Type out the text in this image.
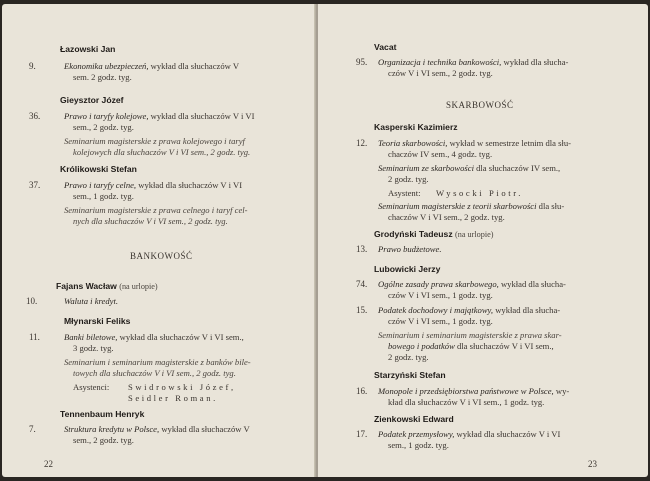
Łazowski Jan
9.	Ekonomika ubezpieczeń, wykład dla słuchaczów V
sem. 2 godz. tyg.
Gieysztor Józef
36.	Prawo i taryfy kolejowe, wykład dla słuchaczów V i VI
sem., 2 godz. tyg.
Seminarium magisterskie z prawa kolejowego i taryf
kolejowych dla słuchaczów V i VI sem., 2 godz. tyg.
Królikowski Stefan
37.	Prawo i taryfy celne, wykład dla słuchaczów V i VI
sem., 1 godz. tyg.
Seminarium magisterskie z prawa celnego i taryf cel-
nych dla słuchaczów V i VI sem., 2 godz. tyg.
BANKOWOŚĆ
Fajans Wacław (na urlopie)
10.	Waluta i kredyt.
Młynarski Feliks
11.	Banki biletowe, wykład dla słuchaczów V i VI sem.,
3 godz. tyg.
Seminarium i seminarium magisterskie z banków bile-
towych dla słuchaczów V i VI sem., 2 godz. tyg.
Asystenci: Swidrowski Józef,
Seidler Roman.
Tennenbaum Henryk
7.	Struktura kredytu w Polsce, wykład dla słuchaczów V
sem., 2 godz. tyg.
22
Vacat
95. Organizacja i technika bankowości, wykład dla słucha-
czów V i VI sem., 2 godz. tyg.
SKARBOWOŚĆ
Kasperski Kazimierz
12. Teoria skarbowości, wykład w semestrze letnim dla słu-
chaczów IV sem., 4 godz. tyg.
Seminarium ze skarbowości dla słuchaczów IV sem.,
2 godz. tyg.
Asystent: Wysocki Piotr.
Seminarium magisterskie z teorii skarbowości dla słu-
chaczów V i VI sem., 2 godz. tyg.
Grodyński Tadeusz (na urlopie)
13. Prawo budżetowe.
Lubowicki Jerzy
74. Ogólne zasady prawa skarbowego, wykład dla słucha-
czów V i VI sem., 1 godz. tyg.
15. Podatek dochodowy i majątkowy, wykład dla słucha-
czów V i VI sem., 1 godz. tyg.
Seminarium i seminarium magisterskie z prawa skar-
bowego i podatków dla słuchaczów V i VI sem.,
2 godz. tyg.
Starzyński Stefan
16. Monopole i przedsiębiorstwa państwowe w Polsce, wy-
kład dla słuchaczów V i VI sem., 1 godz. tyg.
Zienkowski Edward
17. Podatek przemysłowy, wykład dla słuchaczów V i VI
sem., 1 godz. tyg.
23
